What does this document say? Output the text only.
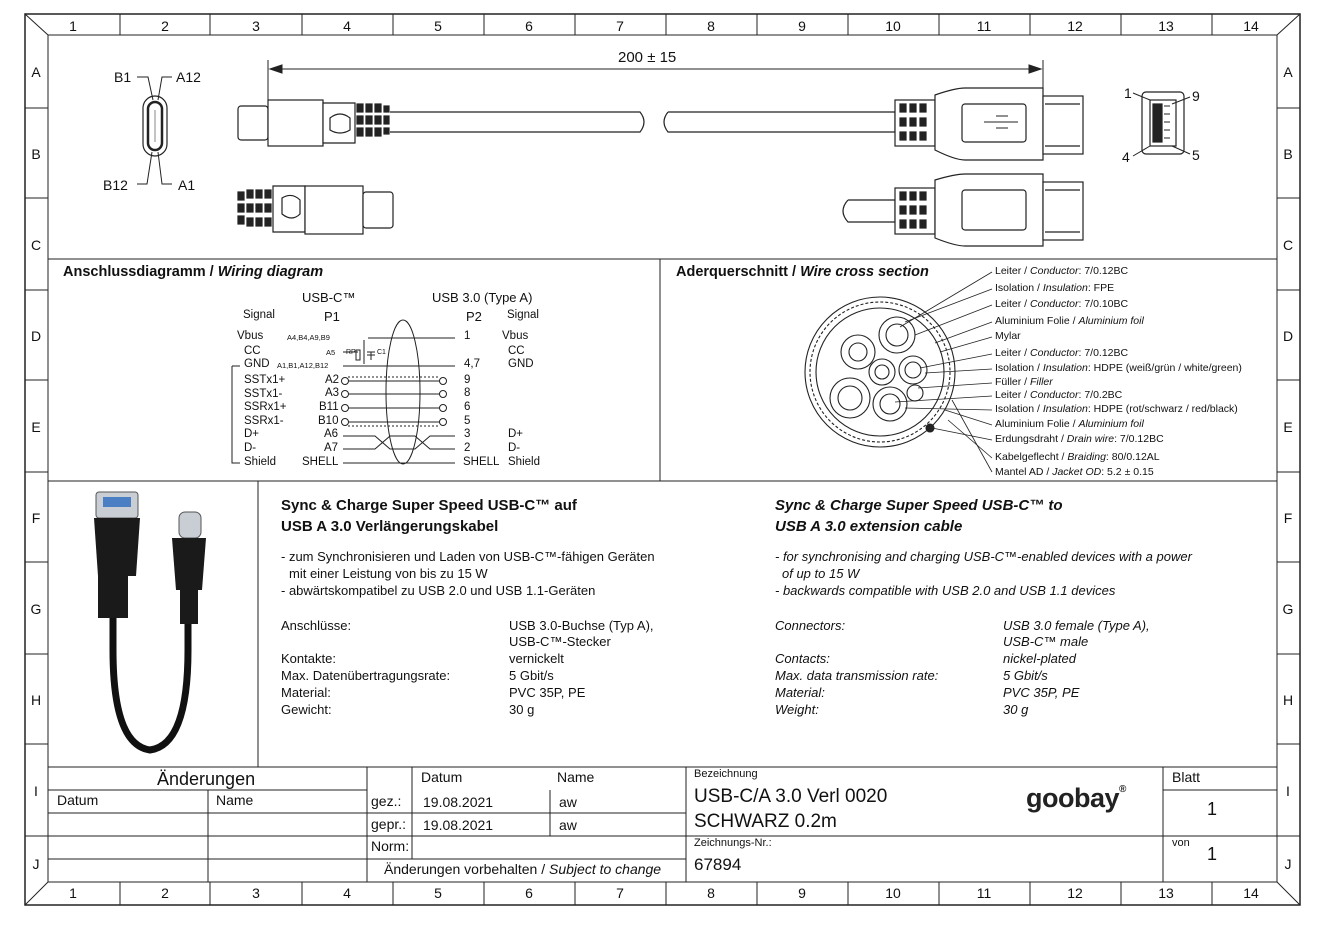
1	2	3	4	5	6	7	8	9	10	11	12	13	14
1	2	3	4	5	6	7	8	9	10	11	12	13	14
A
B
C
D
E
F
G
H
I
J
A
B
C
D
E
F
G
H
I
J
200 ± 15
B1	A12
B12	A1
1	9
4	5
Anschlussdiagramm / Wiring diagram
USB-C™	USB 3.0 (Type A)
Signal	P1	P2 Signal
RP	C1
Vbus	A4,B4,A9,B9	1	Vbus
CC	A5	CC
GND A1,B1,A12,B12	4,7 GND
SSTx1+	A2	9
SSTx1-	A3	8
SSRx1+	B11	6
SSRx1-	B10	5
D+	A6	3	D+
D-	A7	2	D-
Shield SHELL	SHELL Shield
Aderquerschnitt / Wire cross section	Leiter / Conductor: 7/0.12BC
Isolation / Insulation: FPE
Leiter / Conductor: 7/0.10BC
Aluminium Folie / Aluminium foil
Mylar
Leiter / Conductor: 7/0.12BC
Isolation / Insulation: HDPE (weiß/grün / white/green)
Füller / Filler
Leiter / Conductor: 7/0.2BC
Isolation / Insulation: HDPE (rot/schwarz / red/black)
Aluminium Folie / Aluminium foil
Erdungsdraht / Drain wire: 7/0.12BC
Kabelgeflecht / Braiding: 80/0.12AL
Mantel AD / Jacket OD: 5.2 ± 0.15
Sync & Charge Super Speed USB-C™ auf
USB A 3.0 Verlängerungskabel
- zum Synchronisieren und Laden von USB-C™-fähigen Geräten
mit einer Leistung von bis zu 15 W
- abwärtskompatibel zu USB 2.0 und USB 1.1-Geräten
Anschlüsse:	USB 3.0-Buchse (Typ A),
USB-C™-Stecker
Kontakte:	vernickelt
Max. Datenübertragungsrate:	5 Gbit/s
Material:	PVC 35P, PE
Gewicht:	30 g
Sync & Charge Super Speed USB-C™ to
USB A 3.0 extension cable
- for synchronising and charging USB-C™-enabled devices with a power
of up to 15 W
- backwards compatible with USB 2.0 and USB 1.1 devices
Connectors:	USB 3.0 female (Type A),
USB-C™ male
Contacts:	nickel-plated
Max. data transmission rate:	5 Gbit/s
Material:	PVC 35P, PE
Weight:	30 g
Änderungen
Datum	Name
Datum	Name
gez.: 19.08.2021	aw
gepr.: 19.08.2021	aw
Norm:
Änderungen vorbehalten / Subject to change
Bezeichnung
USB-C/A 3.0 Verl 0020
SCHWARZ 0.2m
Zeichnungs-Nr.:
67894
goobay®
Blatt
1
von
1
